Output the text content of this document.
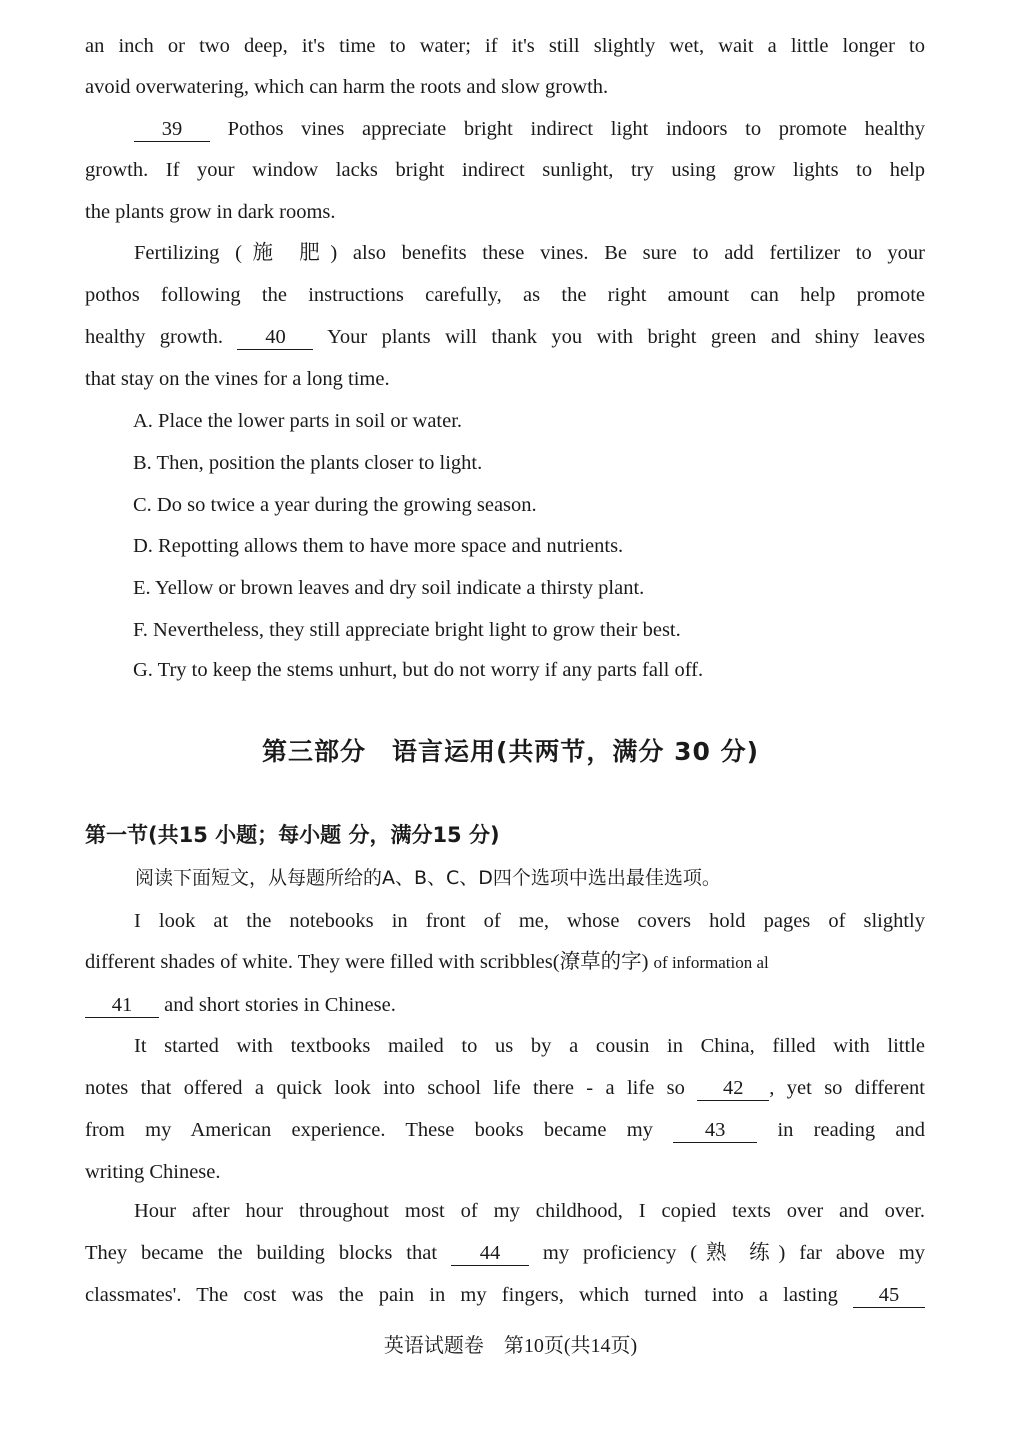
an inch or two deep, it's time to water; if it's still slightly wet, wait a little longer to
avoid overwatering, which can harm the roots and slow growth.
39 Pothos vines appreciate bright indirect light indoors to promote healthy
growth. If your window lacks bright indirect sunlight, try using grow lights to help
the plants grow in dark rooms.
Fertilizing (施 肥) also benefits these vines. Be sure to add fertilizer to your
pothos following the instructions carefully, as the right amount can help promote
healthy growth. 40 Your plants will thank you with bright green and shiny leaves
that stay on the vines for a long time.
A. Place the lower parts in soil or water.
B. Then, position the plants closer to light.
C. Do so twice a year during the growing season.
D. Repotting allows them to have more space and nutrients.
E. Yellow or brown leaves and dry soil indicate a thirsty plant.
F. Nevertheless, they still appreciate bright light to grow their best.
G. Try to keep the stems unhurt, but do not worry if any parts fall off.
第三部分　语言运用(共两节，满分 30 分)
第一节(共15 小题；每小题 分，满分15 分)
阅读下面短文，从每题所给的A、B、C、D四个选项中选出最佳选项。
I look at the notebooks in front of me, whose covers hold pages of slightly
different shades of white. They were filled with scribbles(潦草的字) of information al
41 and short stories in Chinese.
It started with textbooks mailed to us by a cousin in China, filled with little
notes that offered a quick look into school life there - a life so 42 , yet so different
from my American experience. These books became my	43	in reading and
writing Chinese.
Hour after hour throughout most of my childhood, I copied texts over and over.
They became the building blocks that 44 my proficiency (熟 练) far above my
classmates'. The cost was the pain in my fingers, which turned into a lasting 45
英语试题卷　第10页(共14页)
